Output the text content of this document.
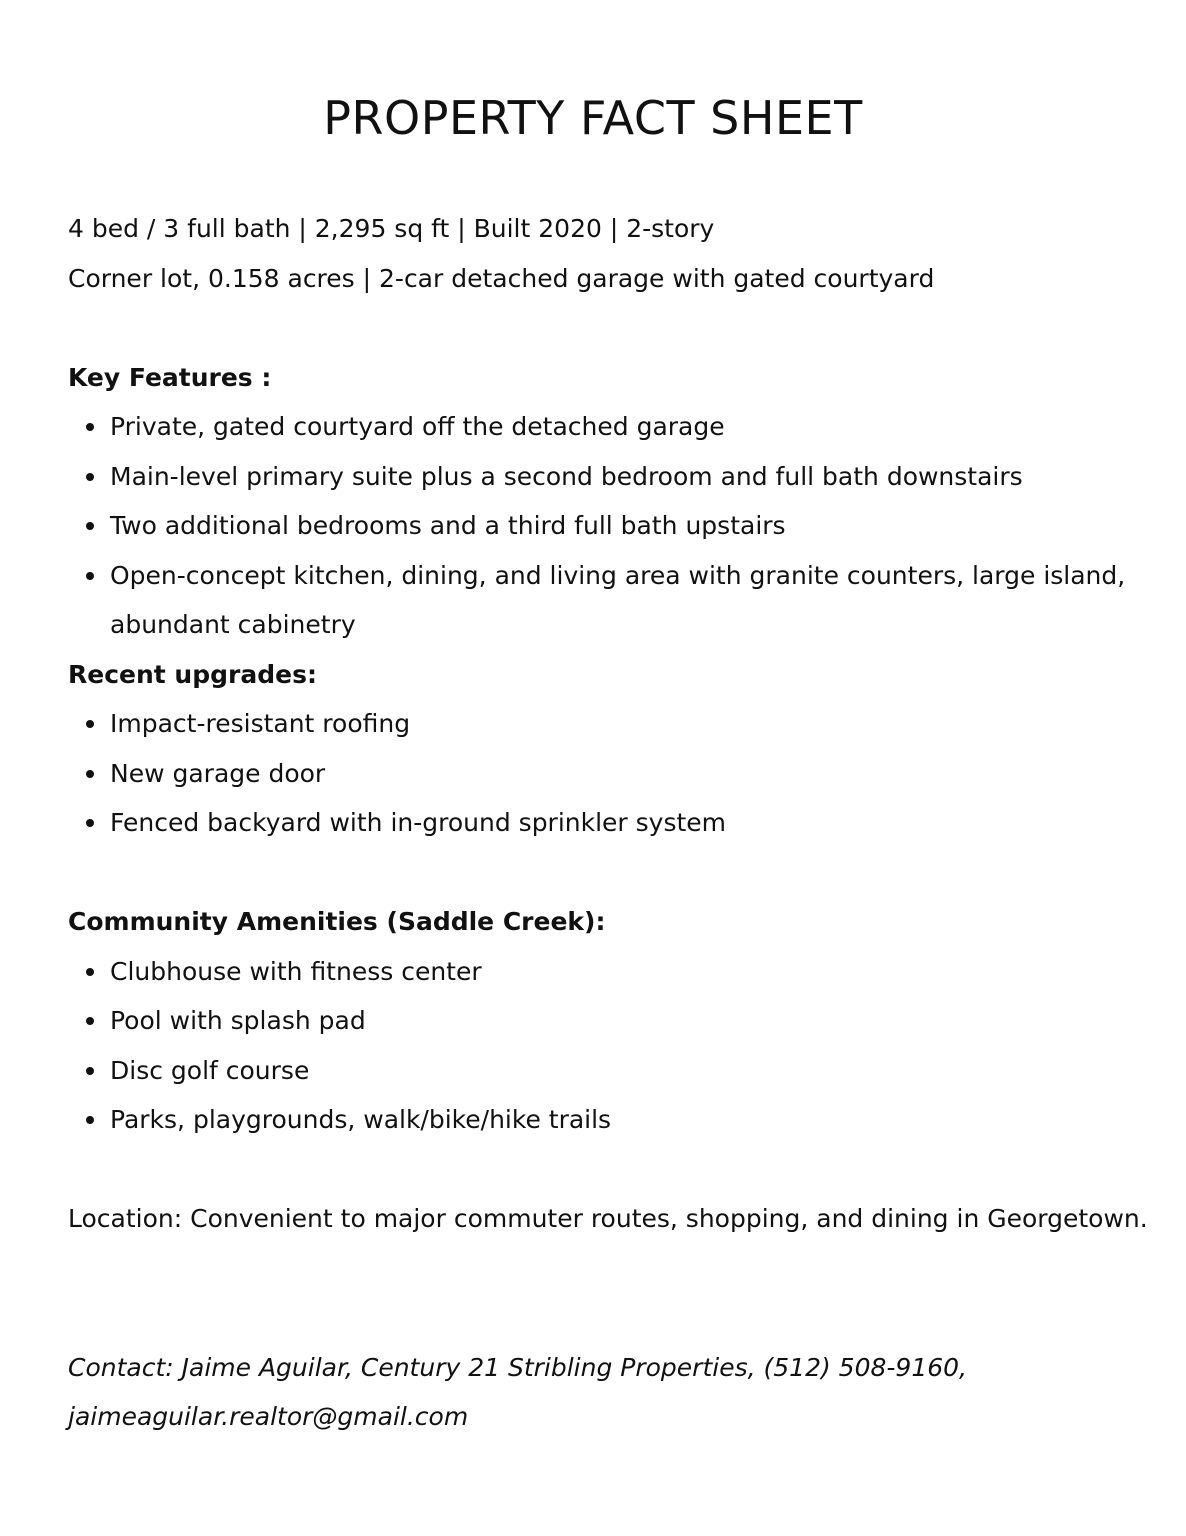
PROPERTY FACT SHEET

4 bed / 3 full bath | 2,295 sq ft | Built 2020 | 2-story

Corner lot, 0.158 acres | 2-car detached garage with gated courtyard

Key Features :

Private, gated courtyard off the detached garage
Main-level primary suite plus a second bedroom and full bath downstairs
Two additional bedrooms and a third full bath upstairs
Open-concept kitchen, dining, and living area with granite counters, large island, abundant cabinetry

Recent upgrades:

Impact-resistant roofing
New garage door
Fenced backyard with in-ground sprinkler system

Community Amenities (Saddle Creek):

Clubhouse with fitness center
Pool with splash pad
Disc golf course
Parks, playgrounds, walk/bike/hike trails

Location: Convenient to major commuter routes, shopping, and dining in Georgetown.

Contact: Jaime Aguilar, Century 21 Stribling Properties, (512) 508-9160, jaimeaguilar.realtor@gmail.com
